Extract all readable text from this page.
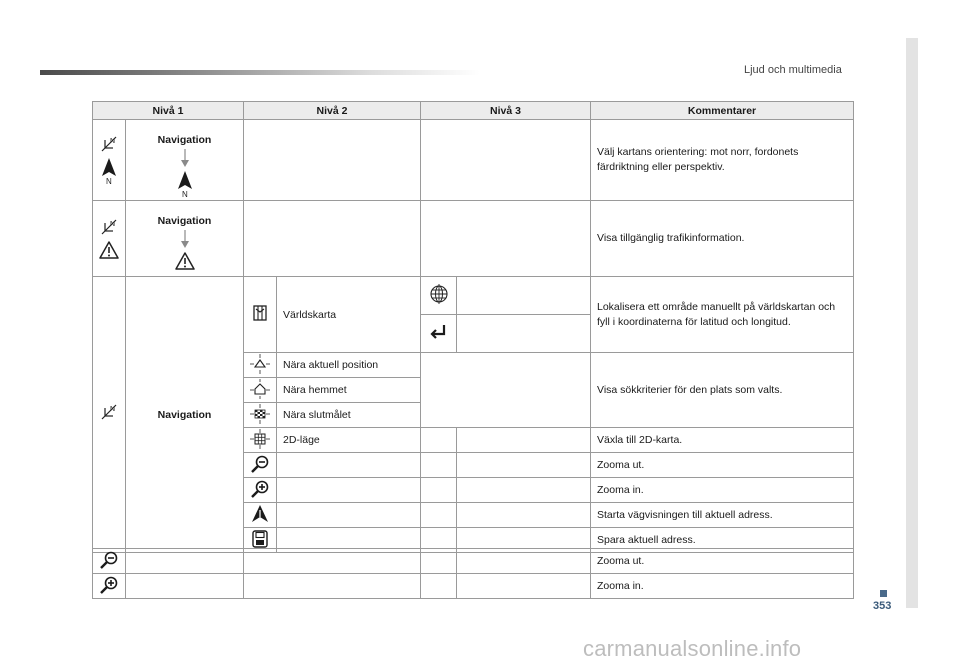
Ljud och multimedia
Nivå 1		Nivå 2		Nivå 3		Kommentarer

Navigation					Välj kartans orientering: mot norr, fordonets färdriktning eller perspektiv.

Navigation					Visa tillgänglig trafikinformation.
	Navigation		Världskarta			Lokalisera ett område manuellt på världskartan och fyll i koordinaterna för latitud och longitud.

	Nära aktuell position			Visa sökkriterier för den plats som valts.
	Nära hemmet			
	Nära slutmålet			
	2D-läge			Växla till 2D-karta.
				Zooma ut.
				Zooma in.
				Starta vägvisningen till aktuell adress.
				Spara aktuell adress.
					Zooma ut.
					Zooma in.
353
carmanualsonline.info
